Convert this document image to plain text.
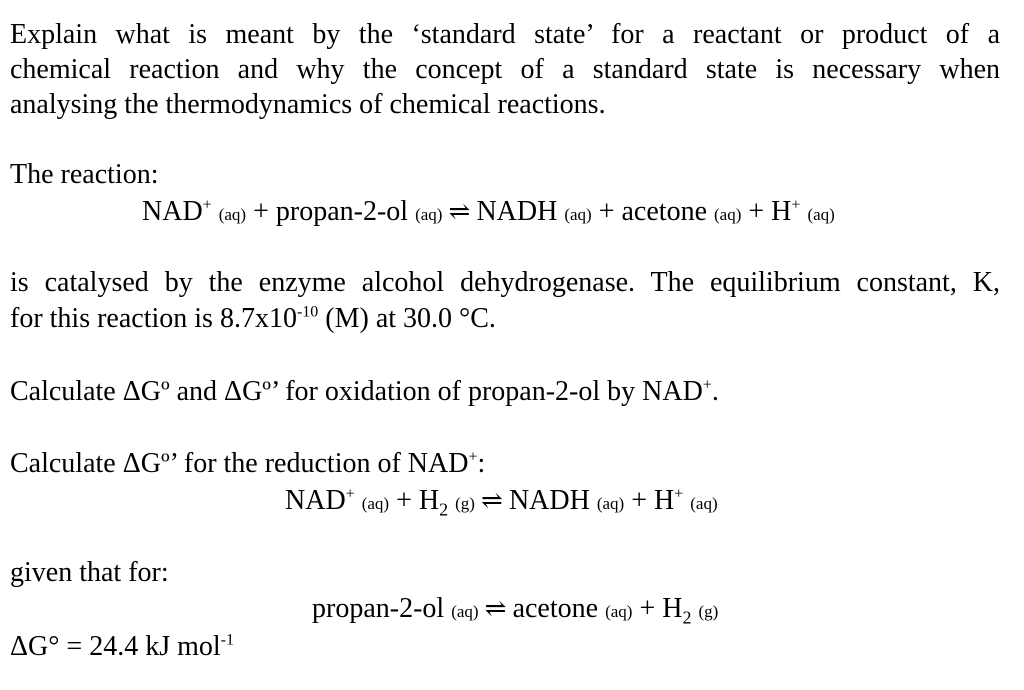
Explain what is meant by the ‘standard state’ for a reactant or product of a
chemical reaction and why the concept of a standard state is necessary when
analysing the thermodynamics of chemical reactions.
The reaction:
NAD+ (aq) + propan-2-ol (aq) ⇌ NADH (aq) + acetone (aq) + H+ (aq)
is catalysed by the enzyme alcohol dehydrogenase. The equilibrium constant, K,
for this reaction is $8.7x10^{-10}$ (M) at 30.0 °C.
Calculate ΔGº and ΔGº’ for oxidation of propan-2-ol by NAD+.
Calculate ΔGº’ for the reduction of NAD+:
NAD+ $(aq) + H_2$ (g) ⇌ NADH (aq) + H+ (aq)
given that for:
propan-2-ol (aq) ⇌ acetone $(aq) + H_2$ (g)
ΔG° = 24.4 kJ mol$^{-1}$
